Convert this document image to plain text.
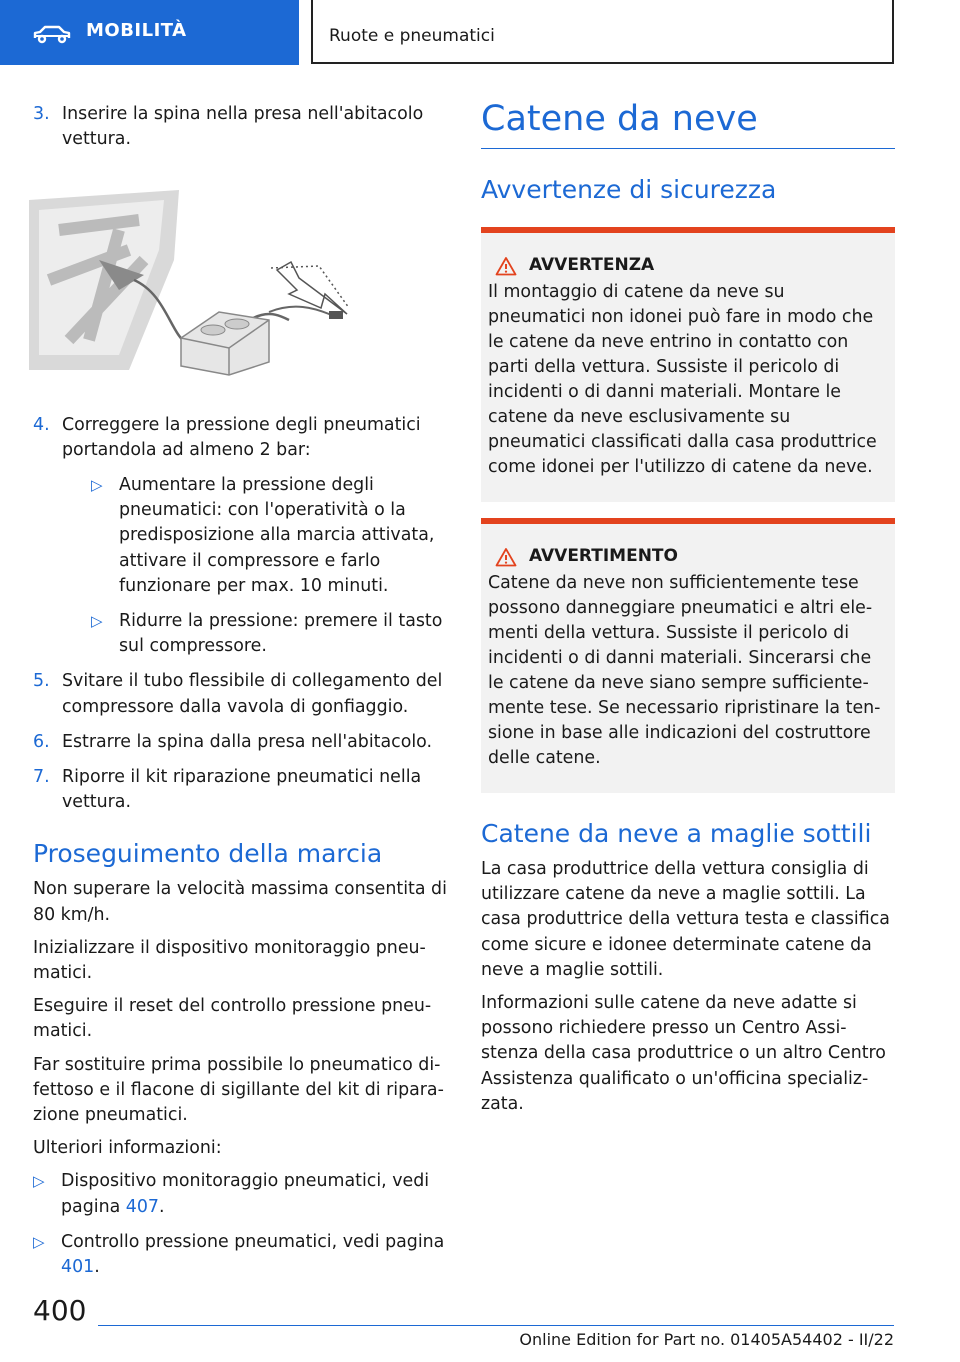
MOBILITÀ	Ruote e pneumatici
3. Inserire la spina nella presa nell'abitacolo vettura.
4. Correggere la pressione degli pneumatici portandola ad almeno 2 bar:
▷ Aumentare la pressione degli pneumatici: con l'operatività o la predisposizione alla marcia attivata, attivare il compressore e farlo funzionare per max. 10 minuti.
▷ Ridurre la pressione: premere il tasto sul compressore.
5. Svitare il tubo flessibile di collegamento del compressore dalla vavola di gonfiaggio.
6. Estrarre la spina dalla presa nell'abitacolo.
7. Riporre il kit riparazione pneumatici nella vettura.
Proseguimento della marcia

Non superare la velocità massima consentita di 80 km/h.

Inizializzare il dispositivo monitoraggio pneumatici.

Eseguire il reset del controllo pressione pneumatici.

Far sostituire prima possibile lo pneumatico difettoso e il flacone di sigillante del kit di riparazione pneumatici.

Ulteriori informazioni:

▷ Dispositivo monitoraggio pneumatici, vedi pagina 407.
▷ Controllo pressione pneumatici, vedi pagina 401.
Catene da neve
Avvertenze di sicurezza
AVVERTENZA
Il montaggio di catene da neve su pneumatici non idonei può fare in modo che le catene da neve entrino in contatto con parti della vettura. Sussiste il pericolo di incidenti o di danni materiali. Montare le catene da neve esclusivamente su pneumatici classificati dalla casa produttrice come idonei per l'utilizzo di catene da neve.
AVVERTIMENTO
Catene da neve non sufficientemente tese possono danneggiare pneumatici e altri elementi della vettura. Sussiste il pericolo di incidenti o di danni materiali. Sincerarsi che le catene da neve siano sempre sufficientemente tese. Se necessario ripristinare la tensione in base alle indicazioni del costruttore delle catene.
Catene da neve a maglie sottili

La casa produttrice della vettura consiglia di utilizzare catene da neve a maglie sottili. La casa produttrice della vettura testa e classifica come sicure e idonee determinate catene da neve a maglie sottili.

Informazioni sulle catene da neve adatte si possono richiedere presso un Centro Assistenza della casa produttrice o un altro Centro Assistenza qualificato o un'officina specializzata.

400
Online Edition for Part no. 01405A54402 - II/22
